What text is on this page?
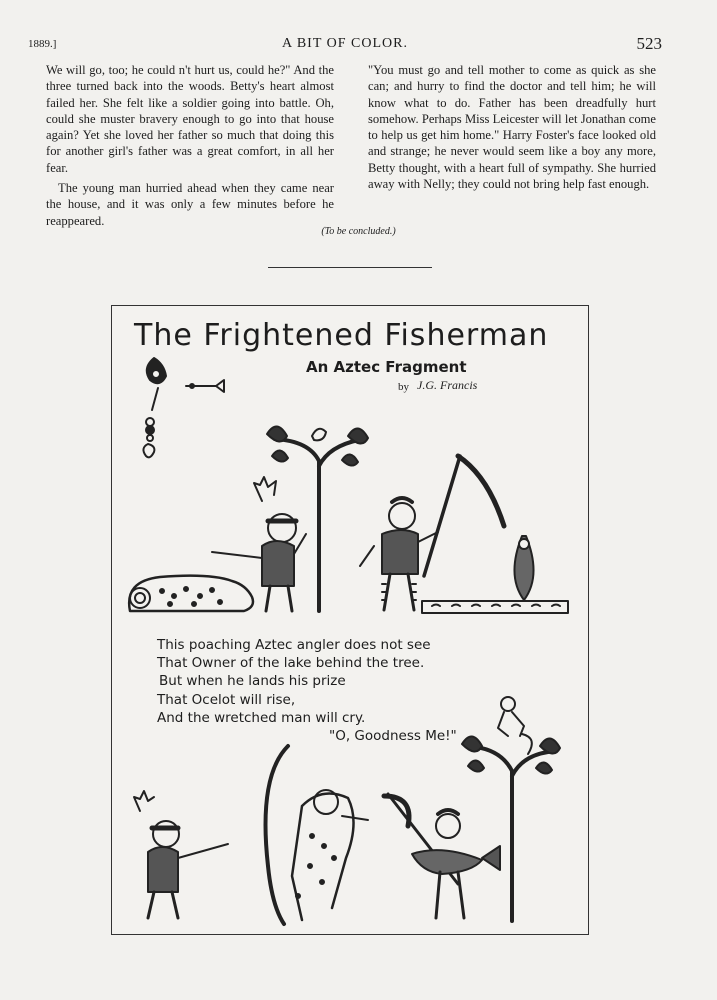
1889.]	A BIT OF COLOR.	523

We will go, too; he could n't hurt us, could he?" And the three turned back into the woods. Betty's heart almost failed her. She felt like a soldier going into battle. Oh, could she muster bravery enough to go into that house again? Yet she loved her father so much that doing this for another girl's father was a great comfort, in all her fear.

The young man hurried ahead when they came near the house, and it was only a few minutes before he reappeared.

"You must go and tell mother to come as quick as she can; and hurry to find the doctor and tell him; he will know what to do. Father has been dreadfully hurt somehow. Perhaps Miss Leicester will let Jonathan come to help us get him home." Harry Foster's face looked old and strange; he never would seem like a boy any more, Betty thought, with a heart full of sympathy. She hurried away with Nelly; they could not bring help fast enough.

(To be concluded.)
The Frightened Fisherman
An Aztec Fragment
by J.G. Francis
This poaching Aztec angler does not see
That Owner of the lake behind the tree.
But when he lands his prize
That Ocelot will rise,
And the wretched man will cry.
"O, Goodness Me!"
